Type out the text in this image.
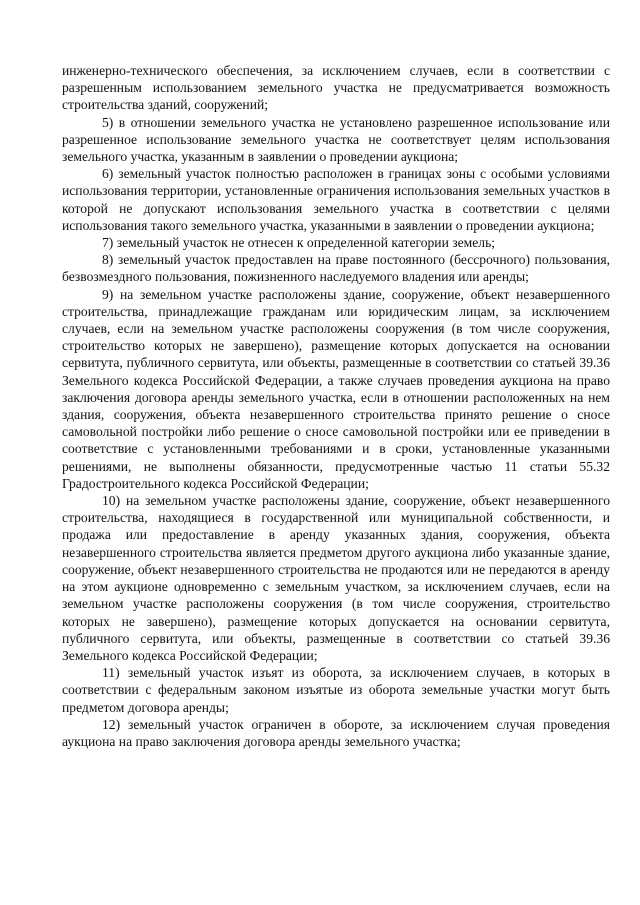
инженерно-технического обеспечения, за исключением случаев, если в соответствии с разрешенным использованием земельного участка не предусматривается возможность строительства зданий, сооружений;

5) в отношении земельного участка не установлено разрешенное использование или разрешенное использование земельного участка не соответствует целям использования земельного участка, указанным в заявлении о проведении аукциона;

6) земельный участок полностью расположен в границах зоны с особыми условиями использования территории, установленные ограничения использования земельных участков в которой не допускают использования земельного участка в соответствии с целями использования такого земельного участка, указанными в заявлении о проведении аукциона;

7) земельный участок не отнесен к определенной категории земель;

8) земельный участок предоставлен на праве постоянного (бессрочного) пользования, безвозмездного пользования, пожизненного наследуемого владения или аренды;

9) на земельном участке расположены здание, сооружение, объект незавершенного строительства, принадлежащие гражданам или юридическим лицам, за исключением случаев, если на земельном участке расположены сооружения (в том числе сооружения, строительство которых не завершено), размещение которых допускается на основании сервитута, публичного сервитута, или объекты, размещенные в соответствии со статьей 39.36 Земельного кодекса Российской Федерации, а также случаев проведения аукциона на право заключения договора аренды земельного участка, если в отношении расположенных на нем здания, сооружения, объекта незавершенного строительства принято решение о сносе самовольной постройки либо решение о сносе самовольной постройки или ее приведении в соответствие с установленными требованиями и в сроки, установленные указанными решениями, не выполнены обязанности, предусмотренные частью 11 статьи 55.32 Градостроительного кодекса Российской Федерации;

10) на земельном участке расположены здание, сооружение, объект незавершенного строительства, находящиеся в государственной или муниципальной собственности, и продажа или предоставление в аренду указанных здания, сооружения, объекта незавершенного строительства является предметом другого аукциона либо указанные здание, сооружение, объект незавершенного строительства не продаются или не передаются в аренду на этом аукционе одновременно с земельным участком, за исключением случаев, если на земельном участке расположены сооружения (в том числе сооружения, строительство которых не завершено), размещение которых допускается на основании сервитута, публичного сервитута, или объекты, размещенные в соответствии со статьей 39.36 Земельного кодекса Российской Федерации;

11) земельный участок изъят из оборота, за исключением случаев, в которых в соответствии с федеральным законом изъятые из оборота земельные участки могут быть предметом договора аренды;

12) земельный участок ограничен в обороте, за исключением случая проведения аукциона на право заключения договора аренды земельного участка;
